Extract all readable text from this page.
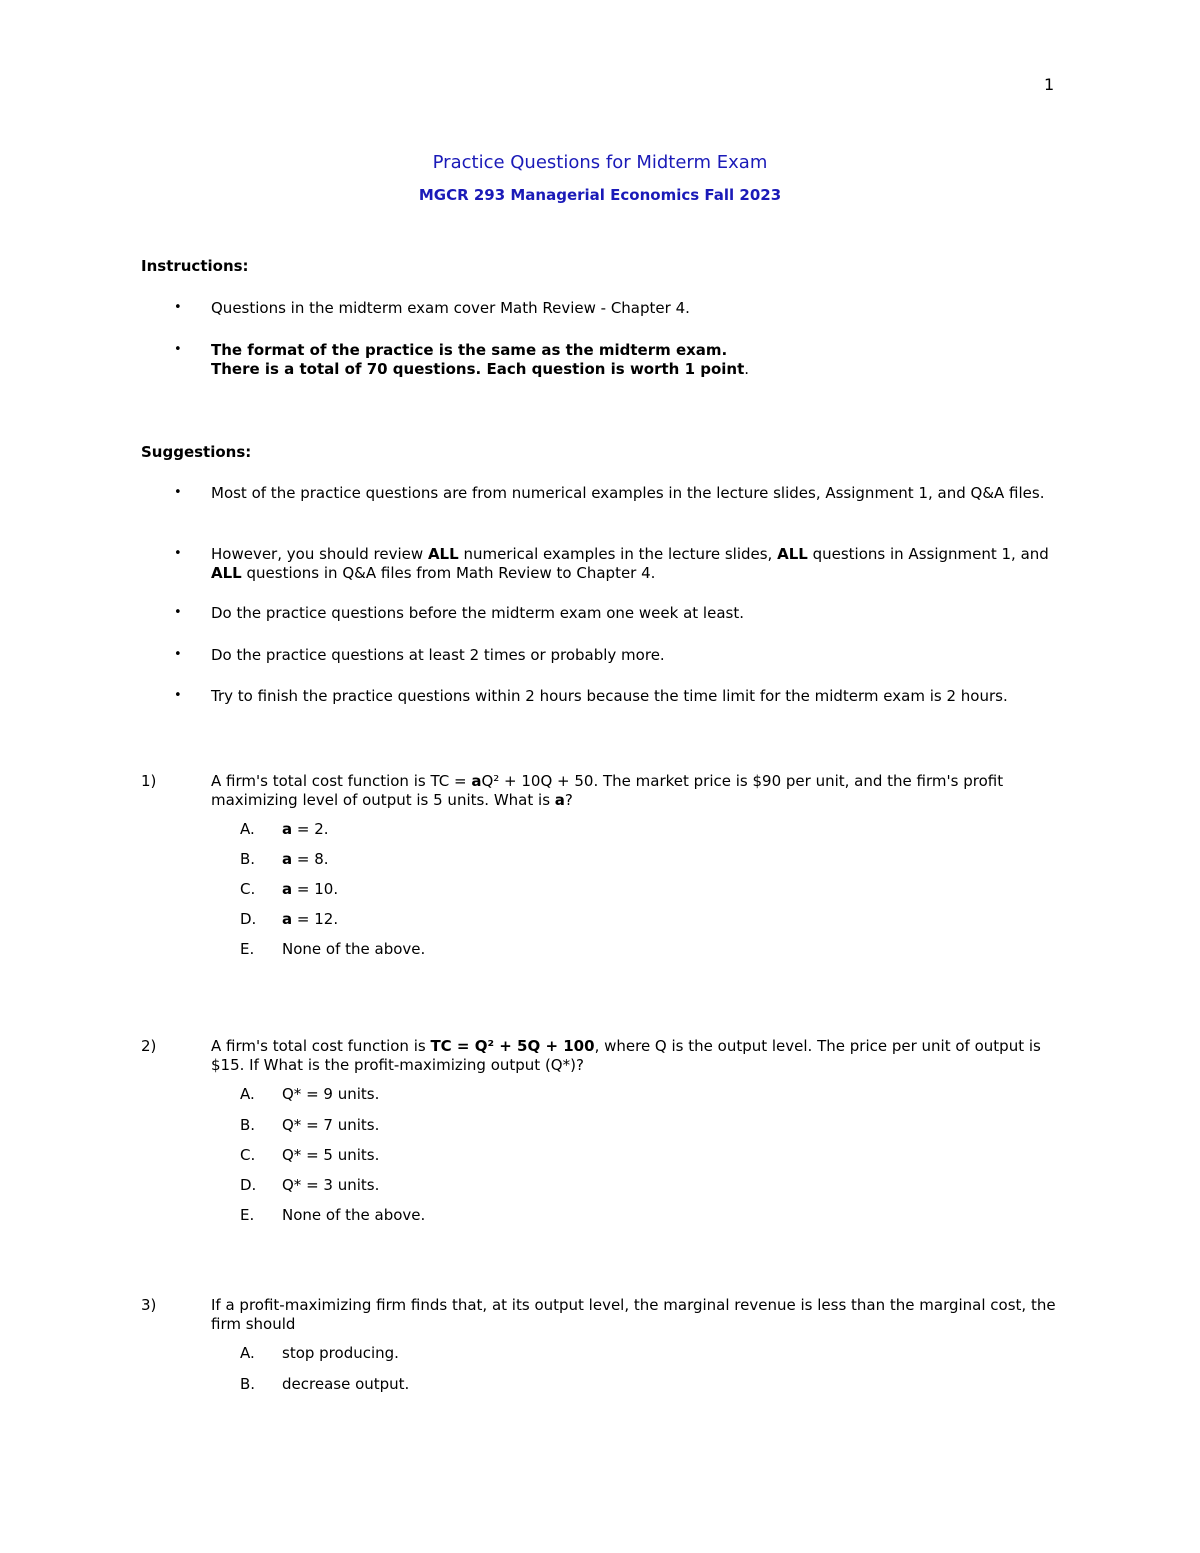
1
Practice Questions for Midterm Exam
MGCR 293 Managerial Economics Fall 2023
Instructions:
• Questions in the midterm exam cover Math Review - Chapter 4.
• The format of the practice is the same as the midterm exam.
There is a total of 70 questions. Each question is worth 1 point.
Suggestions:
• Most of the practice questions are from numerical examples in the lecture slides, Assignment 1, and Q&A files.
• However, you should review ALL numerical examples in the lecture slides, ALL questions in Assignment 1, and ALL questions in Q&A files from Math Review to Chapter 4.
• Do the practice questions before the midterm exam one week at least.
• Do the practice questions at least 2 times or probably more.
• Try to finish the practice questions within 2 hours because the time limit for the midterm exam is 2 hours.
1)	A firm's total cost function is TC = aQ² + 10Q + 50. The market price is $90 per unit, and the firm's profit maximizing level of output is 5 units. What is a?
A. a = 2.
B. a = 8.
C. a = 10.
D. a = 12.
E. None of the above.
2)	A firm's total cost function is TC = Q² + 5Q + 100, where Q is the output level. The price per unit of output is $15. If What is the profit-maximizing output (Q*)?
A. Q* = 9 units.
B. Q* = 7 units.
C. Q* = 5 units.
D. Q* = 3 units.
E. None of the above.
3)	If a profit-maximizing firm finds that, at its output level, the marginal revenue is less than the marginal cost, the firm should
A. stop producing.
B. decrease output.
